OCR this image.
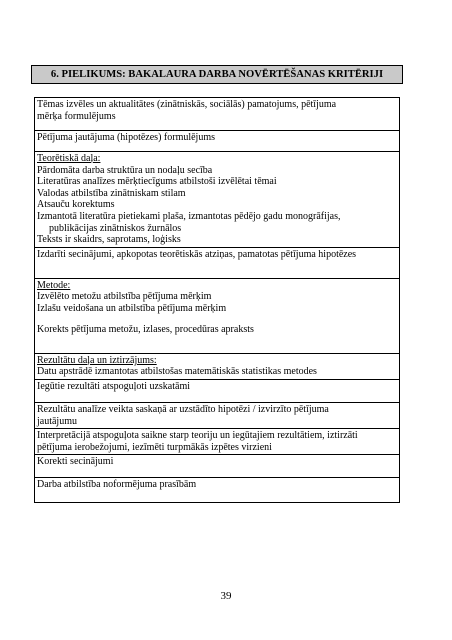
6. PIELIKUMS: BAKALAURA DARBA NOVĒRTĒŠANAS KRITĒRIJI
Tēmas izvēles un aktualitātes (zinātniskās, sociālās) pamatojums, pētījuma
mērķa formulējums

Pētījuma jautājuma (hipotēzes) formulējums

Teorētiskā daļa:
Pārdomāta darba struktūra un nodaļu secība
Literatūras analīzes mērķtiecīgums atbilstoši izvēlētai tēmai
Valodas atbilstība zinātniskam stilam
Atsauču korektums
Izmantotā literatūra pietiekami plaša, izmantotas pēdējo gadu monogrāfijas,
publikācijas zinātniskos žurnālos
Teksts ir skaidrs, saprotams, loģisks

Izdarīti secinājumi, apkopotas teorētiskās atziņas, pamatotas pētījuma hipotēzes

Metode:
Izvēlēto metožu atbilstība pētījuma mērķim
Izlašu veidošana un atbilstība pētījuma mērķim
Korekts pētījuma metožu, izlases, procedūras apraksts

Rezultātu daļa un iztirzājums:
Datu apstrādē izmantotas atbilstošas matemātiskās statistikas metodes

Iegūtie rezultāti atspoguļoti uzskatāmi

Rezultātu analīze veikta saskaņā ar uzstādīto hipotēzi / izvirzīto pētījuma
jautājumu

Interpretācijā atspoguļota saikne starp teoriju un iegūtajiem rezultātiem, iztirzāti
pētījuma ierobežojumi, iezīmēti turpmākās izpētes virzieni

Korekti secinājumi

Darba atbilstība noformējuma prasībām
39
